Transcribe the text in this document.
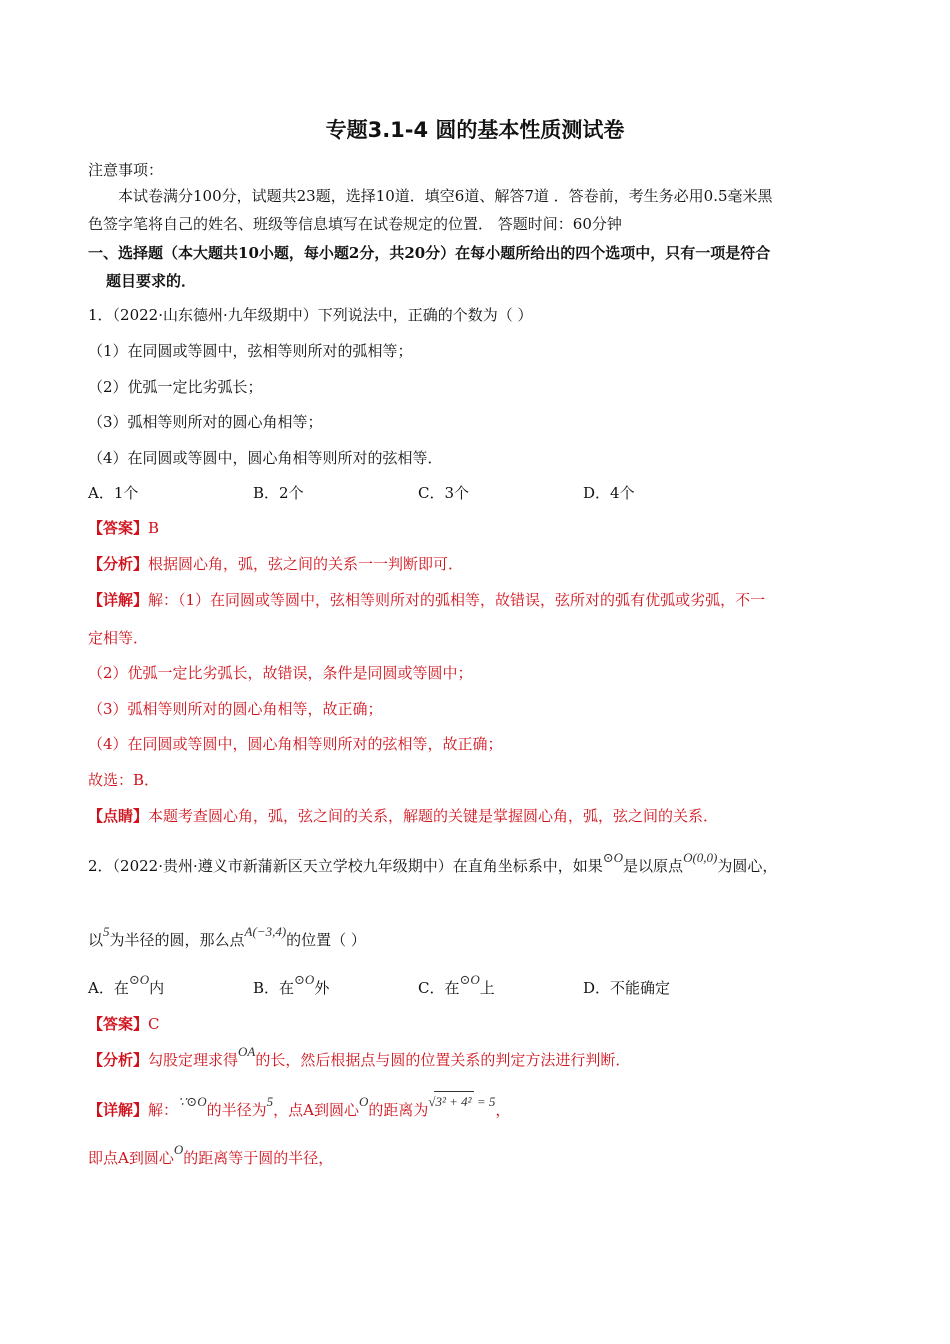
专题3.1-4 圆的基本性质测试卷
注意事项：
本试卷满分100分，试题共23题，选择10道．填空6道、解答7道 ．答卷前，考生务必用0.5毫米黑
色签字笔将自己的姓名、班级等信息填写在试卷规定的位置． 答题时间：60分钟
一、选择题（本大题共10小题，每小题2分，共20分）在每小题所给出的四个选项中，只有一项是符合
题目要求的．
1．（2022·山东德州·九年级期中）下列说法中，正确的个数为（ ）
（1）在同圆或等圆中，弦相等则所对的弧相等；
（2）优弧一定比劣弧长；
（3）弧相等则所对的圆心角相等；
（4）在同圆或等圆中，圆心角相等则所对的弦相等．
A．1个	B．2个	C．3个	D．4个
【答案】B
【分析】根据圆心角，弧，弦之间的关系一一判断即可．
【详解】解：（1）在同圆或等圆中，弦相等则所对的弧相等，故错误，弦所对的弧有优弧或劣弧，不一
定相等．
（2）优弧一定比劣弧长，故错误，条件是同圆或等圆中；
（3）弧相等则所对的圆心角相等，故正确；
（4）在同圆或等圆中，圆心角相等则所对的弦相等，故正确；
故选：B．
【点睛】本题考查圆心角，弧，弦之间的关系，解题的关键是掌握圆心角，弧，弦之间的关系．
2．（2022·贵州·遵义市新蒲新区天立学校九年级期中）在直角坐标系中，如果⊙O是以原点O(0,0)为圆心，
以5为半径的圆，那么点A(−3,4)的位置（ ）
A．在⊙O内	B．在⊙O外	C．在⊙O上	D．不能确定
【答案】C
【分析】勾股定理求得OA的长，然后根据点与圆的位置关系的判定方法进行判断．
【详解】解：∵⊙O的半径为5，点A到圆心O的距离为√3² + 4² = 5，
即点A到圆心O的距离等于圆的半径，
